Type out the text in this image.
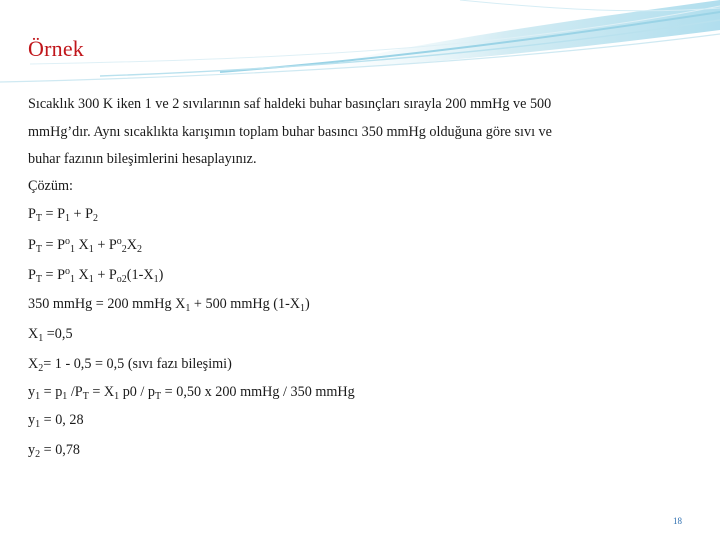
Örnek
Sıcaklık 300 K iken 1 ve 2 sıvılarının saf haldeki buhar basınçları sırayla 200 mmHg ve 500
mmHg’dır. Aynı sıcaklıkta karışımın toplam buhar basıncı 350 mmHg olduğuna göre sıvı ve
buhar fazının bileşimlerini hesaplayınız.
Çözüm:
$P_T = P_1 + P_2$
$P_T = P^o_1$ $X_1 + P^o_2X_2$
$P_T = P^o_1$ $X_1 + P_{o2}(1-X_1)$
350 mmHg = 200 mmHg $X_1 + 500$ mmHg $(1-X_1)$
$X_1 =0,5$
$X_2= 1 - 0,5 = 0,5$ (sıvı fazı bileşimi)
$y_1 = p_1$ $/P_T = X_1$ $p0 / p_T = 0,50$ x 200 mmHg / 350 mmHg
$y_1 = 0$, 28
$y_2 = 0,78$
18
